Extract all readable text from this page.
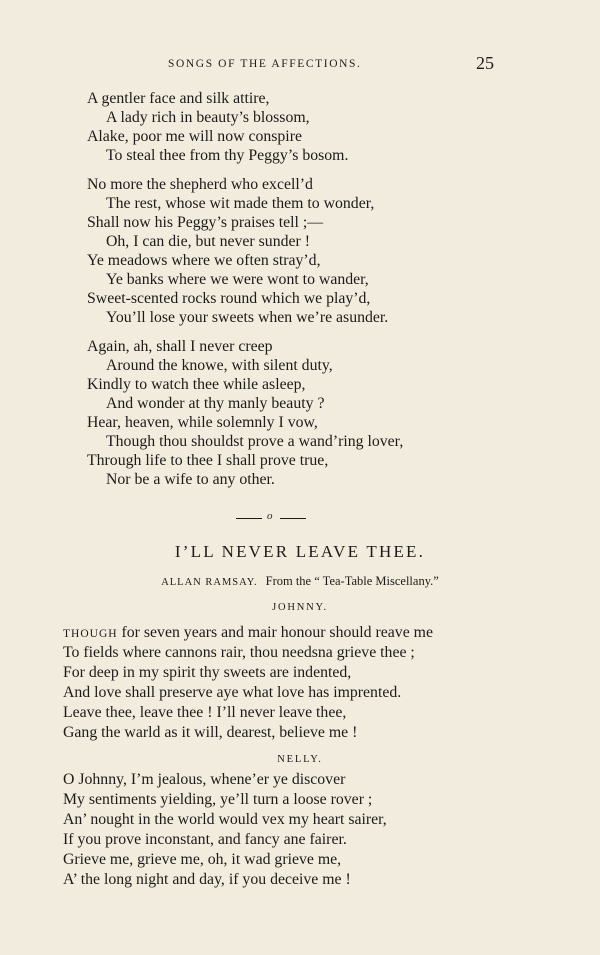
SONGS OF THE AFFECTIONS.	25
A gentler face and silk attire,
A lady rich in beauty’s blossom,
Alake, poor me will now conspire
To steal thee from thy Peggy’s bosom.
No more the shepherd who excell’d
The rest, whose wit made them to wonder,
Shall now his Peggy’s praises tell ;—
Oh, I can die, but never sunder !
Ye meadows where we often stray’d,
Ye banks where we were wont to wander,
Sweet-scented rocks round which we play’d,
You’ll lose your sweets when we’re asunder.
Again, ah, shall I never creep
Around the knowe, with silent duty,
Kindly to watch thee while asleep,
And wonder at thy manly beauty ?
Hear, heaven, while solemnly I vow,
Though thou shouldst prove a wand’ring lover,
Through life to thee I shall prove true,
Nor be a wife to any other.
o
I’LL NEVER LEAVE THEE.
ALLAN RAMSAY. From the “ Tea-Table Miscellany.”
JOHNNY.
THOUGH for seven years and mair honour should reave me
To fields where cannons rair, thou needsna grieve thee ;
For deep in my spirit thy sweets are indented,
And love shall preserve aye what love has imprented.
Leave thee, leave thee ! I’ll never leave thee,
Gang the warld as it will, dearest, believe me !
NELLY.
O Johnny, I’m jealous, whene’er ye discover
My sentiments yielding, ye’ll turn a loose rover ;
An’ nought in the world would vex my heart sairer,
If you prove inconstant, and fancy ane fairer.
Grieve me, grieve me, oh, it wad grieve me,
A’ the long night and day, if you deceive me !
